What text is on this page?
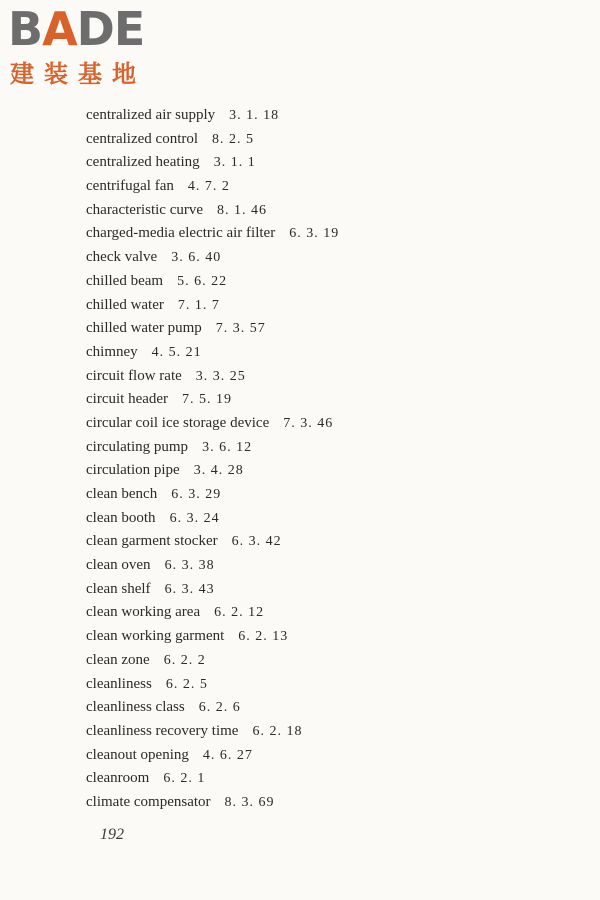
BADE
建装基地
centralized air supply 3. 1. 18
centralized control 8. 2. 5
centralized heating 3. 1. 1
centrifugal fan 4. 7. 2
characteristic curve 8. 1. 46
charged-media electric air filter 6. 3. 19
check valve 3. 6. 40
chilled beam 5. 6. 22
chilled water 7. 1. 7
chilled water pump 7. 3. 57
chimney 4. 5. 21
circuit flow rate 3. 3. 25
circuit header 7. 5. 19
circular coil ice storage device 7. 3. 46
circulating pump 3. 6. 12
circulation pipe 3. 4. 28
clean bench 6. 3. 29
clean booth 6. 3. 24
clean garment stocker 6. 3. 42
clean oven 6. 3. 38
clean shelf 6. 3. 43
clean working area 6. 2. 12
clean working garment 6. 2. 13
clean zone 6. 2. 2
cleanliness 6. 2. 5
cleanliness class 6. 2. 6
cleanliness recovery time 6. 2. 18
cleanout opening 4. 6. 27
cleanroom 6. 2. 1
climate compensator 8. 3. 69
192
